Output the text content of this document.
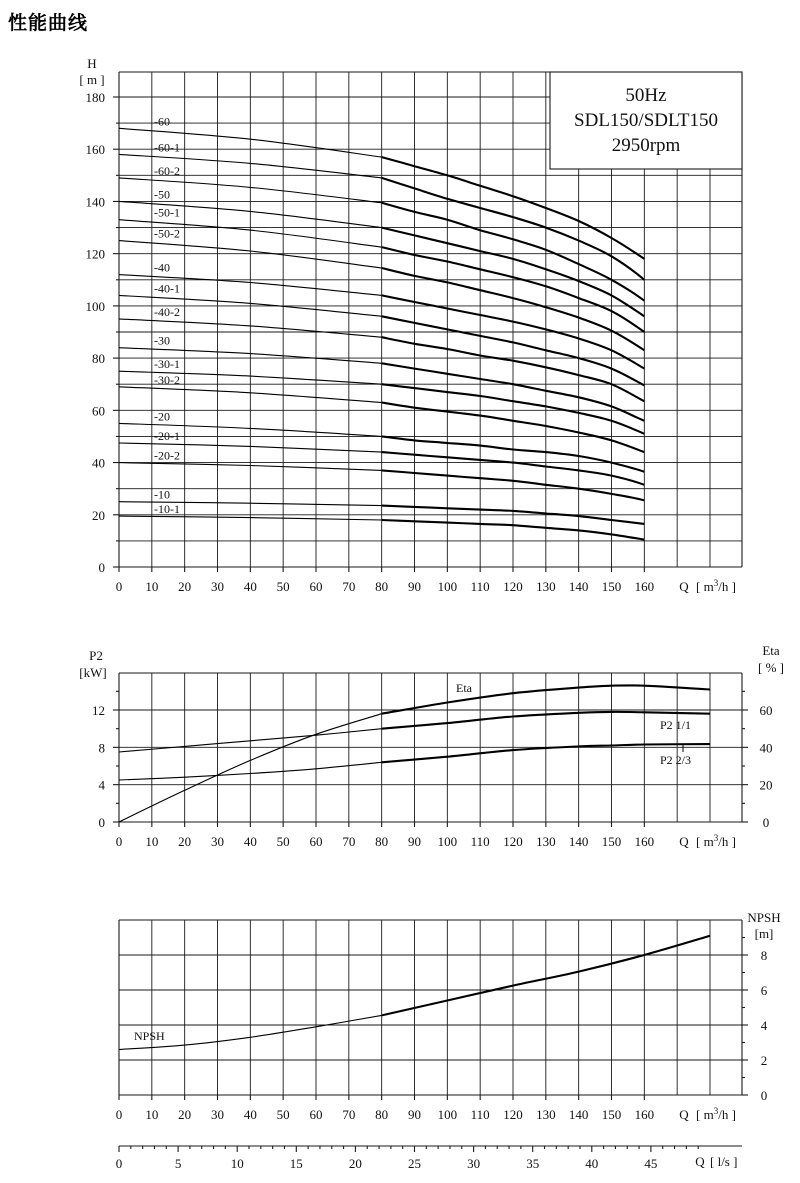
性能曲线
0
20
40
60
80
100
120
140
160
180
H
[ m ]
0 10 20 30 40 50 60 70 80 90 100 110 120 130 140 150 160 Q [ $m^3/h$ ]
50Hz
SDL150/SDLT150
2950rpm
-60
-60-1
-60-2
-50
-50-1
-50-2
-40
-40-1
-40-2
-30
-30-1
-30-2
-20
-20-1
-20-2
-10
-10-1
0
4
8
12
P2
[kW]
0
20
40
60
Eta
[ % ]
0 10 20 30 40 50 60 70 80 90 100 110 120 130 140 150 160 Q [ $m^3/h$ ]
Eta
P2 1/1
P2 2/3
0
2
4
6
8
NPSH
[m]
0 10 20 30 40 50 60 70 80 90 100 110 120 130 140 150 160 Q [ $m^3/h$ ]
NPSH
0	5	10	15	20	25	30	35	40	45	Q [ l/s ]
